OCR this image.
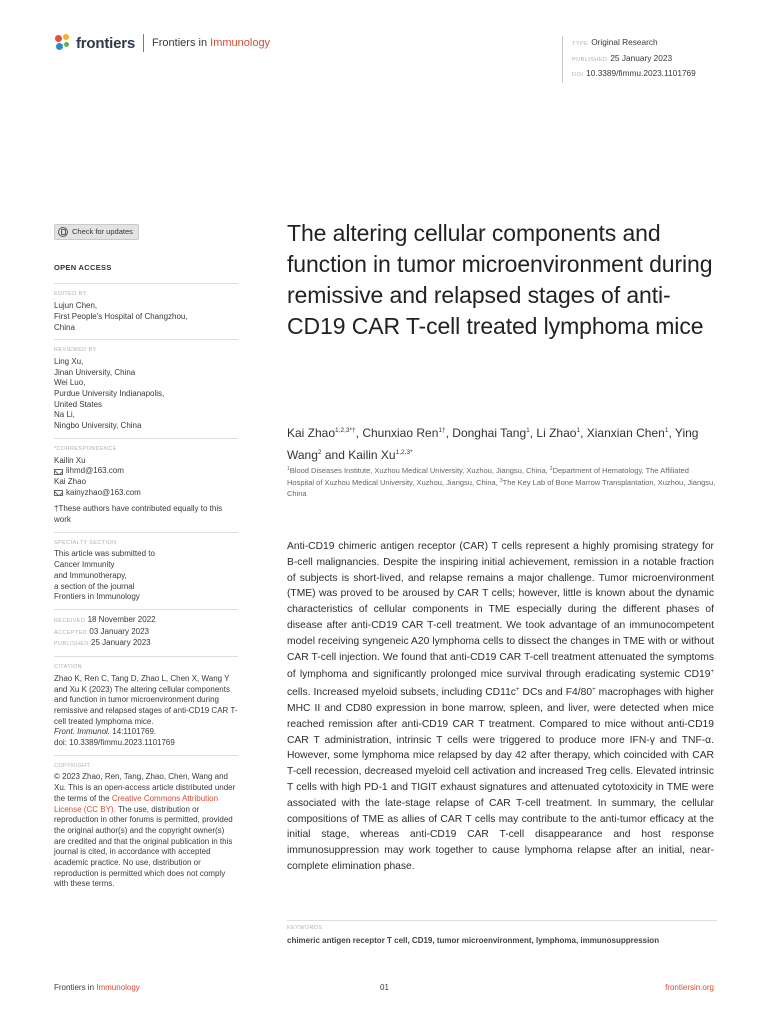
frontiers Frontiers in Immunology	TYPE Original Research
PUBLISHED 25 January 2023
DOI 10.3389/fimmu.2023.1101769
Check for updates
OPEN ACCESS
EDITED BY

Lujun Chen,

First People's Hospital of Changzhou,

China

REVIEWED BY

Ling Xu,

Jinan University, China

Wei Luo,

Purdue University Indianapolis,

United States

Na Li,

Ningbo University, China

*CORRESPONDENCE

Kailin Xu

lihmd@163.com

Kai Zhao

kainyzhao@163.com

†These authors have contributed equally to this work

SPECIALTY SECTION

This article was submitted to

Cancer Immunity

and Immunotherapy,

a section of the journal

Frontiers in Immunology

RECEIVED 18 November 2022

ACCEPTED 03 January 2023

PUBLISHED 25 January 2023

CITATION

Zhao K, Ren C, Tang D, Zhao L, Chen X, Wang Y and Xu K (2023) The altering cellular components and function in tumor microenvironment during remissive and relapsed stages of anti-CD19 CAR T-cell treated lymphoma mice.
Front. Immunol. 14:1101769.
doi: 10.3389/fimmu.2023.1101769

COPYRIGHT

© 2023 Zhao, Ren, Tang, Zhao, Chen, Wang and Xu. This is an open-access article distributed under the terms of the Creative Commons Attribution License (CC BY). The use, distribution or reproduction in other forums is permitted, provided the original author(s) and the copyright owner(s) are credited and that the original publication in this journal is cited, in accordance with accepted academic practice. No use, distribution or reproduction is permitted which does not comply with these terms.

The altering cellular components and function in tumor microenvironment during remissive and relapsed stages of anti-CD19 CAR T-cell treated lymphoma mice
Kai Zhao$^{1,2,3*\dagger}$, Chunxiao Ren$^{1\dagger}$, Donghai Tang$^1$, Li Zhao$^1$, Xianxian Chen$^1$, Ying Wang$^2$ and Kailin $Xu^{1,2,3*}$
$^1$Blood Diseases Institute, Xuzhou Medical University, Xuzhou, Jiangsu, China, $^2$Department of Hematology, The Affiliated Hospital of Xuzhou Medical University, Xuzhou, Jiangsu, China, $^3$The Key Lab of Bone Marrow Transplantation, Xuzhou, Jiangsu, China
Anti-CD19 chimeric antigen receptor (CAR) T cells represent a highly promising strategy for B-cell malignancies. Despite the inspiring initial achievement, remission in a notable fraction of subjects is short-lived, and relapse remains a major challenge. Tumor microenvironment (TME) was proved to be aroused by CAR T cells; however, little is known about the dynamic characteristics of cellular components in TME especially during the different phases of disease after anti-CD19 CAR T-cell treatment. We took advantage of an immunocompetent model receiving syngeneic A20 lymphoma cells to dissect the changes in TME with or without CAR T-cell injection. We found that anti-CD19 CAR T-cell treatment attenuated the symptoms of lymphoma and significantly prolonged mice survival through eradicating systemic CD19+ cells. Increased myeloid subsets, including CD11c+ DCs and F4/80+ macrophages with higher MHC II and CD80 expression in bone marrow, spleen, and liver, were detected when mice reached remission after anti-CD19 CAR T treatment. Compared to mice without anti-CD19 CAR T administration, intrinsic T cells were triggered to produce more IFN-γ and TNF-α. However, some lymphoma mice relapsed by day 42 after therapy, which coincided with CAR T-cell recession, decreased myeloid cell activation and increased Treg cells. Elevated intrinsic T cells with high PD-1 and TIGIT exhaust signatures and attenuated cytotoxicity in TME were associated with the late-stage relapse of CAR T-cell treatment. In summary, the cellular compositions of TME as allies of CAR T cells may contribute to the anti-tumor efficacy at the initial stage, whereas anti-CD19 CAR T-cell disappearance and host response immunosuppression may work together to cause lymphoma relapse after an initial, near-complete elimination phase.
KEYWORDS
chimeric antigen receptor T cell, CD19, tumor microenvironment, lymphoma, immunosuppression
Frontiers in Immunology	01	frontiersin.org
